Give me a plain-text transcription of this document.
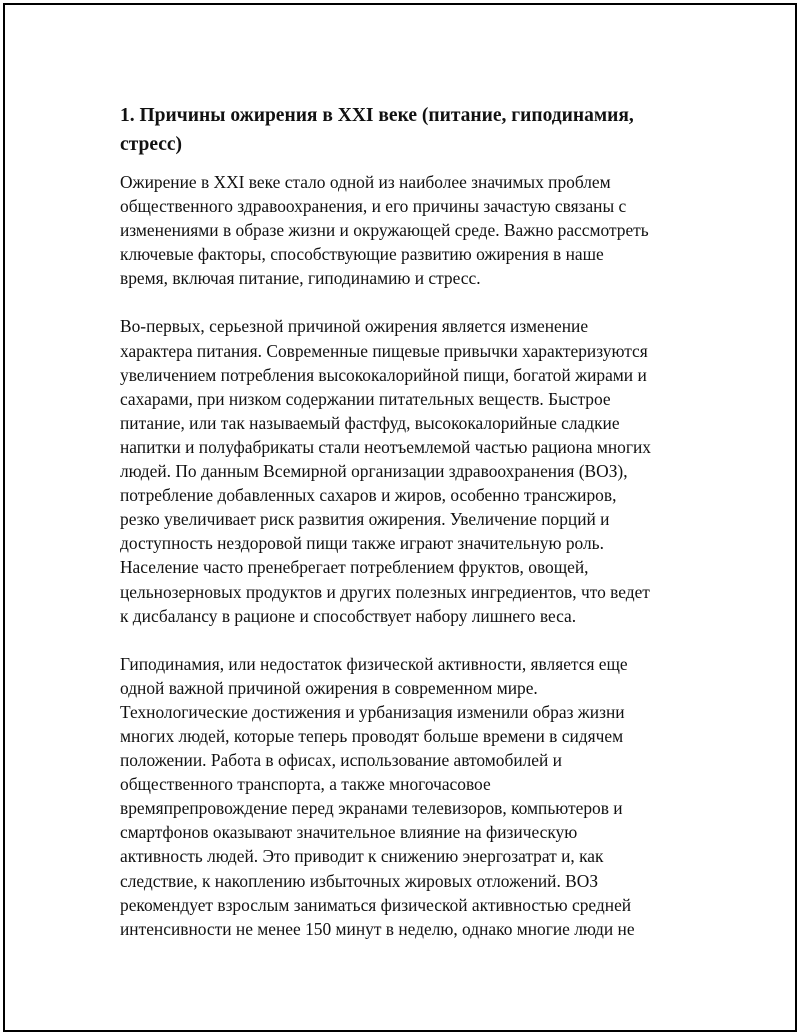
1. Причины ожирения в XXI веке (питание, гиподинамия,
стресс)

Ожирение в XXI веке стало одной из наиболее значимых проблем
общественного здравоохранения, и его причины зачастую связаны с
изменениями в образе жизни и окружающей среде. Важно рассмотреть
ключевые факторы, способствующие развитию ожирения в наше
время, включая питание, гиподинамию и стресс.

Во-первых, серьезной причиной ожирения является изменение
характера питания. Современные пищевые привычки характеризуются
увеличением потребления высококалорийной пищи, богатой жирами и
сахарами, при низком содержании питательных веществ. Быстрое
питание, или так называемый фастфуд, высококалорийные сладкие
напитки и полуфабрикаты стали неотъемлемой частью рациона многих
людей. По данным Всемирной организации здравоохранения (ВОЗ),
потребление добавленных сахаров и жиров, особенно трансжиров,
резко увеличивает риск развития ожирения. Увеличение порций и
доступность нездоровой пищи также играют значительную роль.
Население часто пренебрегает потреблением фруктов, овощей,
цельнозерновых продуктов и других полезных ингредиентов, что ведет
к дисбалансу в рационе и способствует набору лишнего веса.

Гиподинамия, или недостаток физической активности, является еще
одной важной причиной ожирения в современном мире.
Технологические достижения и урбанизация изменили образ жизни
многих людей, которые теперь проводят больше времени в сидячем
положении. Работа в офисах, использование автомобилей и
общественного транспорта, а также многочасовое
времяпрепровождение перед экранами телевизоров, компьютеров и
смартфонов оказывают значительное влияние на физическую
активность людей. Это приводит к снижению энергозатрат и, как
следствие, к накоплению избыточных жировых отложений. ВОЗ
рекомендует взрослым заниматься физической активностью средней
интенсивности не менее 150 минут в неделю, однако многие люди не
